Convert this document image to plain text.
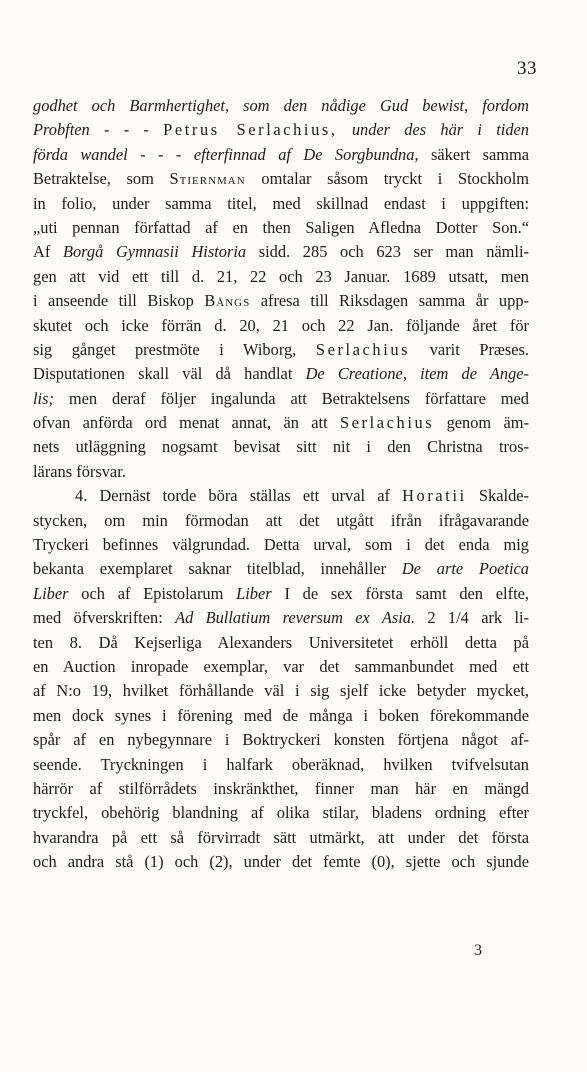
33
godhet och Barmhertighet, som den nådige Gud bewist, fordom
Probften - - - Petrus Serlachius, under des här i tiden
förda wandel - - - efterfinnad af De Sorgbundna, säkert samma
Betraktelse, som Stiernman omtalar såsom tryckt i Stockholm
in folio, under samma titel, med skillnad endast i uppgiften:
„uti pennan författad af en then Saligen Afledna Dotter Son.“
Af Borgå Gymnasii Historia sidd. 285 och 623 ser man nämli-
gen att vid ett till d. 21, 22 och 23 Januar. 1689 utsatt, men
i anseende till Biskop Bångs afresa till Riksdagen samma år upp-
skutet och icke förrän d. 20, 21 och 22 Jan. följande året för
sig gånget prestmöte i Wiborg, Serlachius varit Præses.
Disputationen skall väl då handlat De Creatione, item de Ange-
lis; men deraf följer ingalunda att Betraktelsens författare med
ofvan anförda ord menat annat, än att Serlachius genom äm-
nets utläggning nogsamt bevisat sitt nit i den Christna tros-
lärans försvar.
4. Dernäst torde böra ställas ett urval af Horatii Skalde-
stycken, om min förmodan att det utgått ifrån ifrågavarande
Tryckeri befinnes välgrundad. Detta urval, som i det enda mig
bekanta exemplaret saknar titelblad, innehåller De arte Poetica
Liber och af Epistolarum Liber I de sex första samt den elfte,
med öfverskriften: Ad Bullatium reversum ex Asia. 2 1/4 ark li-
ten 8. Då Kejserliga Alexanders Universitetet erhöll detta på
en Auction inropade exemplar, var det sammanbundet med ett
af N:o 19, hvilket förhållande väl i sig sjelf icke betyder mycket,
men dock synes i förening med de många i boken förekommande
spår af en nybegynnare i Boktryckeri konsten förtjena något af-
seende. Tryckningen i halfark oberäknad, hvilken tvifvelsutan
härrör af stilförrådets inskränkthet, finner man här en mängd
tryckfel, obehörig blandning af olika stilar, bladens ordning efter
hvarandra på ett så förvirradt sätt utmärkt, att under det första
och andra stå (1) och (2), under det femte (0), sjette och sjunde
3
